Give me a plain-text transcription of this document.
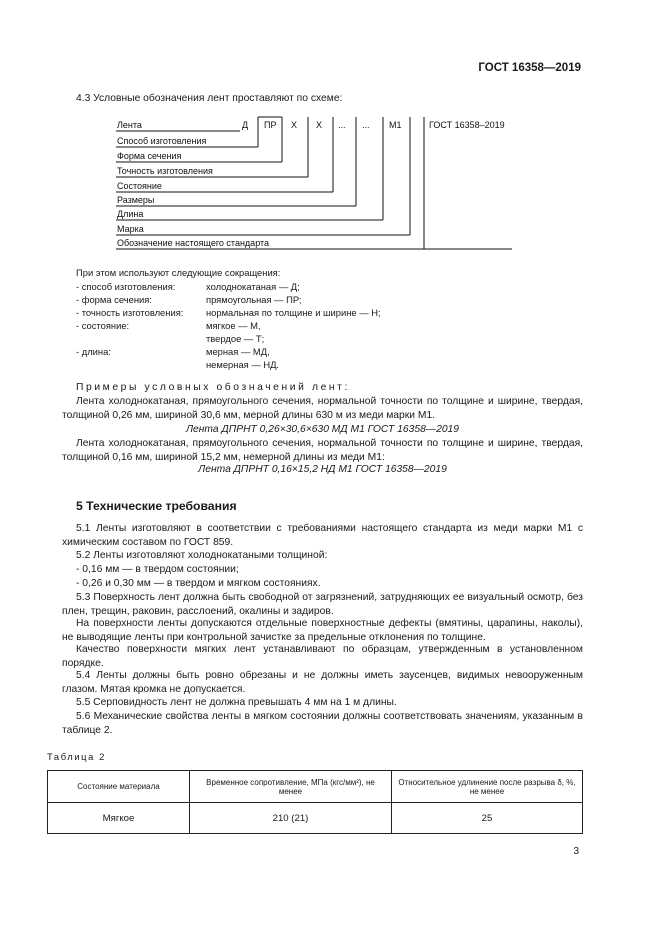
ГОСТ 16358—2019
4.3 Условные обозначения лент проставляют по схеме:
Лента	Д ПР Х Х ... ... М1	ГОСТ 16358–2019
Способ изготовления
Форма сечения
Точность изготовления
Состояние
Размеры
Длина
Марка
Обозначение настоящего стандарта
При этом используют следующие сокращения:
- способ изготовления:	холоднокатаная — Д;
- форма сечения:	прямоугольная — ПР;
- точность изготовления: нормальная по толщине и ширине — Н;
- состояние:	мягкое — М,
твердое — Т;
- длина:	мерная — МД,
немерная — НД.
Примеры условных обозначений лент:
Лента холоднокатаная, прямоугольного сечения, нормальной точности по толщине и ширине, твердая, толщиной 0,26 мм, шириной 30,6 мм, мерной длины 630 м из меди марки М1.
Лента ДПРНТ 0,26×30,6×630 МД М1 ГОСТ 16358—2019
Лента холоднокатаная, прямоугольного сечения, нормальной точности по толщине и ширине, твердая, толщиной 0,16 мм, шириной 15,2 мм, немерной длины из меди М1:
Лента ДПРНТ 0,16×15,2 НД М1 ГОСТ 16358—2019
5 Технические требования
5.1 Ленты изготовляют в соответствии с требованиями настоящего стандарта из меди марки М1 с химическим составом по ГОСТ 859.
5.2 Ленты изготовляют холоднокатаными толщиной:
- 0,16 мм — в твердом состоянии;
- 0,26 и 0,30 мм — в твердом и мягком состояниях.
5.3 Поверхность лент должна быть свободной от загрязнений, затрудняющих ее визуальный осмотр, без плен, трещин, раковин, расслоений, окалины и задиров.
На поверхности ленты допускаются отдельные поверхностные дефекты (вмятины, царапины, наколы), не выводящие ленты при контрольной зачистке за предельные отклонения по толщине.
Качество поверхности мягких лент устанавливают по образцам, утвержденным в установленном порядке.
5.4 Ленты должны быть ровно обрезаны и не должны иметь заусенцев, видимых невооруженным глазом. Мятая кромка не допускается.
5.5 Серповидность лент не должна превышать 4 мм на 1 м длины.
5.6 Механические свойства ленты в мягком состоянии должны соответствовать значениям, указанным в таблице 2.
Таблица 2
Состояние материала	Временное сопротивление, МПа (кгс/мм²), не менее	Относительное удлинение после разрыва δ, %, не менее
Мягкое	210 (21)	25
3
